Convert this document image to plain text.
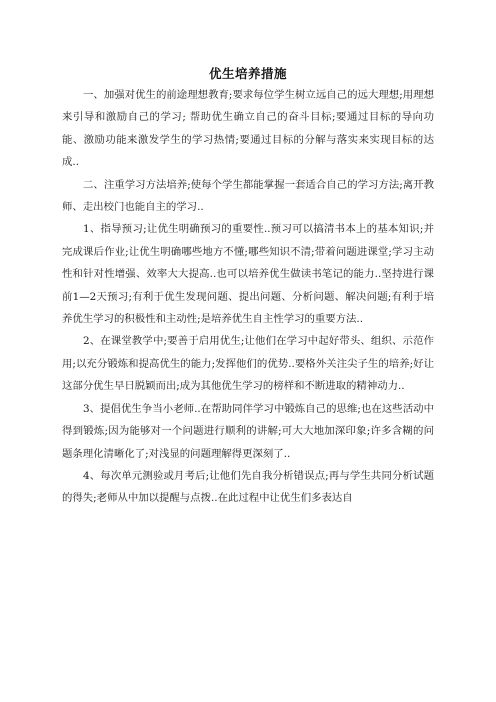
优生培养措施

一、加强对优生的前途理想教育;要求每位学生树立远自己的远大理想;用理想来引导和激励自己的学习; 帮助优生确立自己的奋斗目标;要通过目标的导向功能、激励功能来激发学生的学习热情;要通过目标的分解与落实来实现目标的达成..

二、注重学习方法培养;使每个学生都能掌握一套适合自己的学习方法;离开教师、走出校门也能自主的学习..

1、指导预习;让优生明确预习的重要性..预习可以搞清书本上的基本知识;并完成课后作业;让优生明确哪些地方不懂;哪些知识不清;带着问题进课堂;学习主动性和针对性增强、效率大大提高..也可以培养优生做读书笔记的能力..坚持进行课前1—2天预习;有利于优生发现问题、提出问题、分析问题、解决问题;有利于培养优生学习的积极性和主动性;是培养优生自主性学习的重要方法..

2、在课堂教学中;要善于启用优生;让他们在学习中起好带头、组织、示范作用;以充分锻炼和提高优生的能力;发挥他们的优势..要格外关注尖子生的培养;好让这部分优生早日脱颖而出;成为其他优生学习的榜样和不断进取的精神动力..

3、提倡优生争当小老师..在帮助同伴学习中锻炼自己的思维;也在这些活动中得到锻炼;因为能够对一个问题进行顺利的讲解;可大大地加深印象;许多含糊的问题条理化清晰化了;对浅显的问题理解得更深刻了..

4、每次单元测验或月考后;让他们先自我分析错误点;再与学生共同分析试题的得失;老师从中加以提醒与点拨..在此过程中让优生们多表达自
